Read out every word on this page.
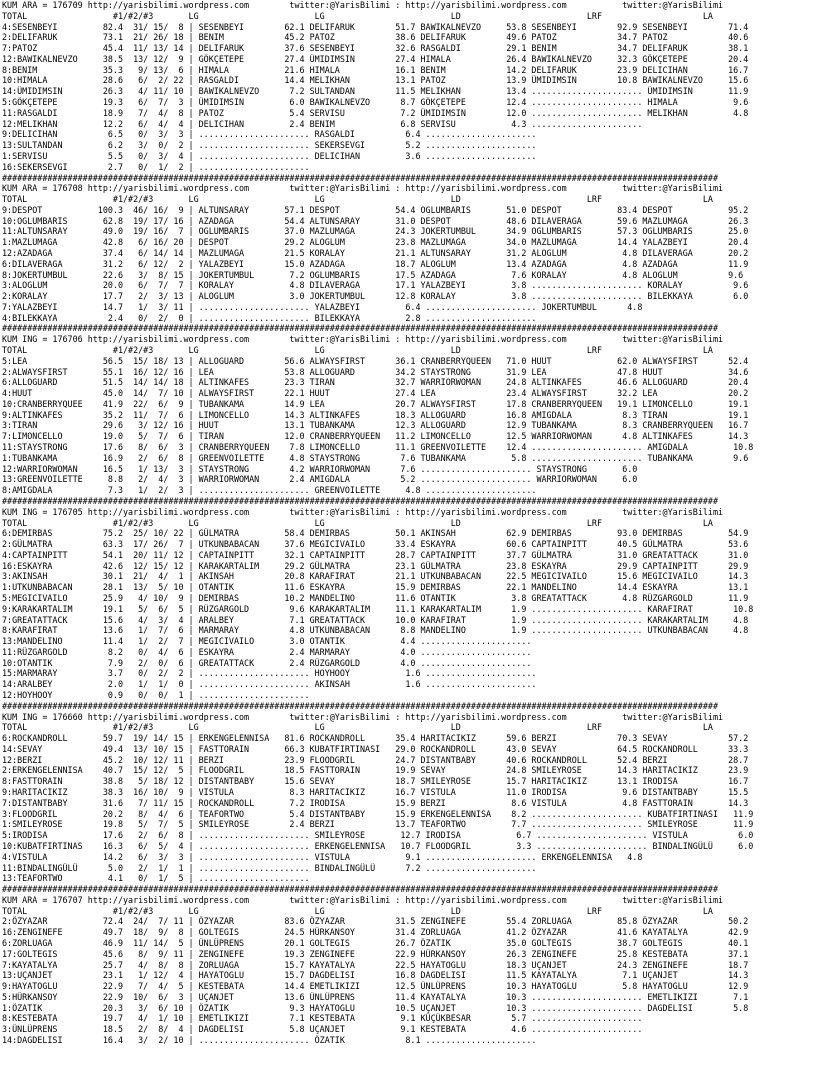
KUM ARA = 176709 http://yarisbilimi.wordpress.com        twitter:@YarisBilimi : http://yarisbilimi.wordpress.com           twitter:@YarisBilimi
TOTAL                 #1/#2/#3       LG                       LG                         LD                         LRF                    LA
4:SESENBEYI         82.4  31/ 15/  8 | SESENBEYI        62.1 DELIFARUK        51.7 BAWIKALNEVZO     53.8 SESENBEYI        92.9 SESENBEYI        71.4
2:DELIFARUK         73.1  21/ 26/ 18 | BENIM            45.2 PATOZ            38.6 DELIFARUK        49.6 PATOZ            34.7 PATOZ            40.6
7:PATOZ             45.4  11/ 13/ 14 | DELIFARUK        37.6 SESENBEYI        32.6 RASGALDI         29.1 BENIM            34.7 DELIFARUK        38.1
12:BAWIKALNEVZO     38.5  13/ 12/  9 | GÖKÇETEPE        27.4 ÜMIDIMSIN        27.4 HIMALA           26.4 BAWIKALNEVZO     32.3 GÖKÇETEPE        20.4
8:BENIM             35.3   9/ 13/  6 | HIMALA           21.6 HIMALA           16.1 BENIM            14.2 DELIFARUK        23.9 DELICIHAN        16.7
10:HIMALA           28.6   6/  2/ 22 | RASGALDI         14.4 MELIKHAN         13.1 PATOZ            13.9 ÜMIDIMSIN        10.8 BAWIKALNEVZO     15.6
14:ÜMIDIMSIN        26.3   4/ 11/ 10 | BAWIKALNEVZO      7.2 SULTANDAN        11.5 MELIKHAN         13.4 ...................... ÜMIDIMSIN       11.9
5:GÖKÇETEPE         19.3   6/  7/  3 | ÜMIDIMSIN         6.0 BAWIKALNEVZO      8.7 GÖKÇETEPE        12.4 ...................... HIMALA           9.6
11:RASGALDI         18.9   7/  4/  8 | PATOZ             5.4 SERVISU           7.2 ÜMIDIMSIN        12.0 ...................... MELIKHAN         4.8
12:MELIKHAN         12.2   6/  4/  4 | DELICIHAN         2.4 BENIM             6.8 SERVISU           4.3 ......................
9:DELICIHAN          6.5   0/  3/  3 | ...................... RASGALDI          6.4 ......................
13:SULTANDAN         6.2   3/  0/  2 | ...................... SEKERSEVGI        5.2 ......................
1:SERVISU            5.5   0/  3/  4 | ...................... DELICIHAN         3.6 ......................
16:SEKERSEVGI        2.7   0/  1/  2 | ......................
##############################################################################################################################################
KUM ARA = 176708 http://yarisbilimi.wordpress.com        twitter:@YarisBilimi : http://yarisbilimi.wordpress.com           twitter:@YarisBilimi
TOTAL                 #1/#2/#3       LG                       LG                         LD                         LRF                    LA
9:DESPOT           100.3  46/ 16/  9 | ALTUNSARAY       57.1 DESPOT           54.4 OGLUMBARIS       51.0 DESPOT           83.4 DESPOT           95.2
10:OGLUMBARIS       62.8  19/ 17/ 16 | AZADAGA          54.4 ALTUNSARAY       31.0 DESPOT           48.6 DILAVERAGA       59.6 MAZLUMAGA        26.3
11:ALTUNSARAY       49.0  19/ 16/  7 | OGLUMBARIS       37.0 MAZLUMAGA        24.3 JOKERTUMBUL      34.9 OGLUMBARIS       57.3 OGLUMBARIS       25.0
1:MAZLUMAGA         42.8   6/ 16/ 20 | DESPOT           29.2 ALOGLUM          23.8 MAZLUMAGA        34.0 MAZLUMAGA        14.4 YALAZBEYI        20.4
12:AZADAGA          37.4   6/ 14/ 14 | MAZLUMAGA        21.5 KORALAY          21.1 ALTUNSARAY       31.2 ALOGLUM           4.8 DILAVERAGA       20.2
6:DILAVERAGA        31.2   6/ 12/  2 | YALAZBEYI        15.0 AZADAGA          18.7 ALOGLUM          13.4 AZADAGA           4.8 AZADAGA          11.9
8:JOKERTUMBUL       22.6   3/  8/ 15 | JOKERTUMBUL       7.2 OGLUMBARIS       17.5 AZADAGA           7.6 KORALAY           4.8 ALOGLUM          9.6
3:ALOGLUM           20.0   6/  7/  7 | KORALAY           4.8 DILAVERAGA       17.1 YALAZBEYI         3.8 ...................... KORALAY          9.6
2:KORALAY           17.7   2/  3/ 13 | ALOGLUM           3.0 JOKERTUMBUL      12.8 KORALAY           3.8 ...................... BILEKKAYA        6.0
7:YALAZBEYI         14.7   1/  3/ 11 | ...................... YALAZBEYI         6.4 ...................... JOKERTUMBUL      4.8
4:BILEKKAYA          2.4   0/  2/  0 | ...................... BILEKKAYA         2.8 ......................
##############################################################################################################################################
KUM ING = 176706 http://yarisbilimi.wordpress.com        twitter:@YarisBilimi : http://yarisbilimi.wordpress.com           twitter:@YarisBilimi
TOTAL                 #1/#2/#3       LG                       LG                         LD                         LRF                    LA
5:LEA               56.5  15/ 18/ 13 | ALLOGUARD        56.6 ALWAYSFIRST      36.1 CRANBERRYQUEEN   71.0 HUUT             62.0 ALWAYSFIRST      52.4
2:ALWAYSFIRST       55.1  16/ 12/ 16 | LEA              53.8 ALLOGUARD        34.2 STAYSTRONG       31.9 LEA              47.8 HUUT             34.6
6:ALLOGUARD         51.5  14/ 14/ 18 | ALTINKAFES       23.3 TIRAN            32.7 WARRIORWOMAN     24.8 ALTINKAFES       46.6 ALLOGUARD        20.4
4:HUUT              45.0  14/  7/ 10 | ALWAYSFIRST      22.1 HUUT             27.4 LEA              23.4 ALWAYSFIRST      32.2 LEA              20.2
10:CRANBERRYQUEE    41.9  22/  6/  9 | TUBANKAMA        14.9 LEA              20.7 ALWAYSFIRST      17.8 CRANBERRYQUEEN   19.1 LIMONCELLO       19.1
9:ALTINKAFES        35.2  11/  7/  6 | LIMONCELLO       14.3 ALTINKAFES       18.3 ALLOGUARD        16.8 AMIGDALA          8.3 TIRAN            19.1
3:TIRAN             29.6   3/ 12/ 16 | HUUT             13.1 TUBANKAMA        12.3 ALLOGUARD        12.9 TUBANKAMA         8.3 CRANBERRYQUEEN   16.7
7:LIMONCELLO        19.0   5/  7/  6 | TIRAN            12.0 CRANBERRYQUEEN   11.2 LIMONCELLO       12.5 WARRIORWOMAN      4.8 ALTINKAFES       14.3
11:STAYSTRONG       17.6   8/  6/  3 | CRANBERRYQUEEN    7.8 LIMONCELLO       11.1 GREENVOILETTE    12.4 ...................... AMIGDALA         10.8
1:TUBANKAMA         16.9   2/  6/  8 | GREENVOILETTE     4.8 STAYSTRONG        7.6 TUBANKAMA         5.8 ...................... TUBANKAMA        9.6
12:WARRIORWOMAN     16.5   1/ 13/  3 | STAYSTRONG        4.2 WARRIORWOMAN      7.6 ...................... STAYSTRONG       6.0
13:GREENVOILETTE     8.8   2/  4/  3 | WARRIORWOMAN      2.4 AMIGDALA          5.2 ...................... WARRIORWOMAN     6.0
8:AMIGDALA           7.3   1/  2/  3 | ...................... GREENVOILETTE     4.8 ......................
##############################################################################################################################################
KUM ING = 176705 http://yarisbilimi.wordpress.com        twitter:@YarisBilimi : http://yarisbilimi.wordpress.com           twitter:@YarisBilimi
TOTAL                 #1/#2/#3       LG                       LG                         LD                         LRF                    LA
6:DEMIRBAS          75.2  25/ 10/ 22 | GÜLMATRA         58.4 DEMIRBAS         50.1 AKINSAH          62.9 DEMIRBAS         93.0 DEMIRBAS         54.9
2:GÜLMATRA          63.3  17/ 26/  7 | UTKUNBABACAN     37.6 MEGICIVAILO      33.4 ESKAYRA          60.6 CAPTAINPITT      40.5 GÜLMATRA         53.6
4:CAPTAINPITT       54.1  20/ 11/ 12 | CAPTAINPITT      32.1 CAPTAINPITT      28.7 CAPTAINPITT      37.7 GÜLMATRA         31.0 GREATATTACK      31.0
16:ESKAYRA          42.6  12/ 15/ 12 | KARAKARTALIM     29.2 GÜLMATRA         23.1 GÜLMATRA         23.8 ESKAYRA          29.9 CAPTAINPITT      29.9
3:AKINSAH           30.1  21/  4/  1 | AKINSAH          20.8 KARAFIRAT        21.1 UTKUNBABACAN     22.5 MEGICIVAILO      15.6 MEGICIVAILO      14.3
1:UTKUNBABACAN      28.1  13/  5/ 10 | OTANTIK          11.6 ESKAYRA          15.9 DEMIRBAS         22.1 MANDELINO        14.4 ESKAYRA          13.1
5:MEGICIVAILO       25.9   4/ 10/  9 | DEMIRBAS         10.2 MANDELINO        11.6 OTANTIK           3.8 GREATATTACK       4.8 RÜZGARGOLD       11.9
9:KARAKARTALIM      19.1   5/  6/  5 | RÜZGARGOLD        9.6 KARAKARTALIM     11.1 KARAKARTALIM      1.9 ...................... KARAFIRAT        10.8
7:GREATATTACK       15.6   4/  3/  4 | ARALBEY           7.1 GREATATTACK      10.0 KARAFIRAT         1.9 ...................... KARAKARTALIM     4.8
8:KARAFIRAT         13.6   1/  7/  6 | MARMARAY          4.8 UTKUNBABACAN      8.8 MANDELINO         1.9 ...................... UTKUNBABACAN     4.8
13:MANDELINO        11.4   1/  2/  7 | MEGICIVAILO       3.0 OTANTIK           4.4 ......................
11:RÜZGARGOLD        8.2   0/  4/  6 | ESKAYRA           2.4 MARMARAY          4.0 ......................
10:OTANTIK           7.9   2/  0/  6 | GREATATTACK       2.4 RÜZGARGOLD        4.0 ......................
15:MARMARAY          3.7   0/  2/  2 | ...................... HOYHOOY           1.6 ......................
14:ARALBEY           2.0   1/  1/  0 | ...................... AKINSAH           1.6 ......................
12:HOYHOOY           0.9   0/  0/  1 | ......................
##############################################################################################################################################
KUM ING = 176660 http://yarisbilimi.wordpress.com        twitter:@YarisBilimi : http://yarisbilimi.wordpress.com           twitter:@YarisBilimi
TOTAL                 #1/#2/#3       LG                       LG                         LD                         LRF                    LA
6:ROCKANDROLL       59.7  19/ 14/ 15 | ERKENGELENNISA   81.6 ROCKANDROLL      35.4 HARITACIKIZ      59.6 BERZI            70.3 SEVAY            57.2
14:SEVAY            49.4  13/ 10/ 15 | FASTTORAIN       66.3 KUBATFIRTINASI   29.0 ROCKANDROLL      43.0 SEVAY            64.5 ROCKANDROLL      33.3
12:BERZI            45.2  10/ 12/ 11 | BERZI            23.9 FLOODGRIL        24.7 DISTANTBABY      40.6 ROCKANDROLL      52.4 BERZI            28.7
2:ERKENGELENNISA    40.7  15/ 12/  5 | FLOODGRIL        18.5 FASTTORAIN       19.9 SEVAY            24.8 SMILEYROSE       14.3 HARITACIKIZ      23.9
8:FASTTORAIN        38.8   5/ 18/ 12 | DISTANTBABY      15.6 SEVAY            18.7 SMILEYROSE       15.7 HARITACIKIZ      13.1 IRODISA          16.7
9:HARITACIKIZ       38.3  16/ 10/  9 | VISTULA           8.3 HARITACIKIZ      16.7 VISTULA          11.0 IRODISA           9.6 DISTANTBABY      15.5
7:DISTANTBABY       31.6   7/ 11/ 15 | ROCKANDROLL       7.2 IRODISA          15.9 BERZI             8.6 VISTULA           4.8 FASTTORAIN       14.3
3:FLOODGRIL         20.2   8/  4/  6 | TEAFORTWO         5.4 DISTANTBABY      15.9 ERKENGELENNISA    8.2 ...................... KUBATFIRTINASI   11.9
1:SMILEYROSE        19.8   5/  7/  5 | SMILEYROSE        2.4 BERZI            13.7 TEAFORTWO         7.7 ...................... SMILEYROSE       11.9
5:IRODISA           17.6   2/  6/  8 | ...................... SMILEYROSE       12.7 IRODISA           6.7 ...................... VISTULA          6.0
10:KUBATFIRTINAS    16.3   6/  5/  4 | ...................... ERKENGELENNISA   10.7 FLOODGRIL         3.3 ...................... BINDALINGÜLÜ     6.0
4:VISTULA           14.2   6/  3/  3 | ...................... VISTULA           9.1 ...................... ERKENGELENNISA   4.8
11:BINDALINGÜLÜ      5.0   2/  1/  1 | ...................... BINDALINGÜLÜ      7.2 ......................
13:TEAFORTWO         4.1   0/  1/  5 | ......................
##############################################################################################################################################
KUM ARA = 176707 http://yarisbilimi.wordpress.com        twitter:@YarisBilimi : http://yarisbilimi.wordpress.com           twitter:@YarisBilimi
TOTAL                 #1/#2/#3       LG                       LG                         LD                         LRF                    LA
2:ÖZYAZAR           72.4  24/  7/ 11 | ÖZYAZAR          83.6 ÖZYAZAR          31.5 ZENGINEFE        55.4 ZORLUAGA         85.8 ÖZYAZAR          50.2
16:ZENGINEFE        49.7  18/  9/  8 | GOLTEGIS         24.5 HÜRKANSOY        31.4 ZORLUAGA         41.2 ÖZYAZAR          41.6 KAYATALYA        42.9
6:ZORLUAGA          46.9  11/ 14/  5 | ÜNLÜPRENS        20.1 GOLTEGIS         26.7 ÖZATIK           35.0 GOLTEGIS         38.7 GOLTEGIS         40.1
17:GOLTEGIS         45.6   8/  9/ 11 | ZENGINEFE        19.3 ZENGINEFE        22.9 HÜRKANSOY        26.3 ZENGINEFE        25.8 KESTEBATA        37.1
7:KAYATALYA         25.7   4/  8/  8 | ZORLUAGA         15.7 KAYATALYA        22.5 HAYATOGLU        18.3 UÇANJET          24.3 ZENGINEFE        18.7
13:UÇANJET          23.1   1/ 12/  4 | HAYATOGLU        15.7 DAGDELISI        16.8 DAGDELISI        11.5 KAYATALYA         7.1 UÇANJET          14.3
9:HAYATOGLU         22.9   7/  4/  5 | KESTEBATA        14.4 EMETLIKIZI       12.5 ÜNLÜPRENS        10.3 HAYATOGLU         5.8 HAYATOGLU        12.9
5:HÜRKANSOY         22.9  10/  6/  3 | UÇANJET          13.6 ÜNLÜPRENS        11.4 KAYATALYA        10.3 ...................... EMETLIKIZI       7.1
1:ÖZATIK            20.3   3/  6/ 10 | ÖZATIK            9.3 HAYATOGLU        10.5 UÇANJET          10.3 ...................... DAGDELISI        5.8
8:KESTEBATA         19.7   4/  1/ 10 | EMETLIKIZI        7.1 KESTEBATA         9.1 KÜÇÜKBESAR        5.7 ......................
3:ÜNLÜPRENS         18.5   2/  8/  4 | DAGDELISI         5.8 UÇANJET           9.1 KESTEBATA         4.6 ......................
14:DAGDELISI        16.4   3/  2/ 10 | ...................... ÖZATIK            8.1 ......................
